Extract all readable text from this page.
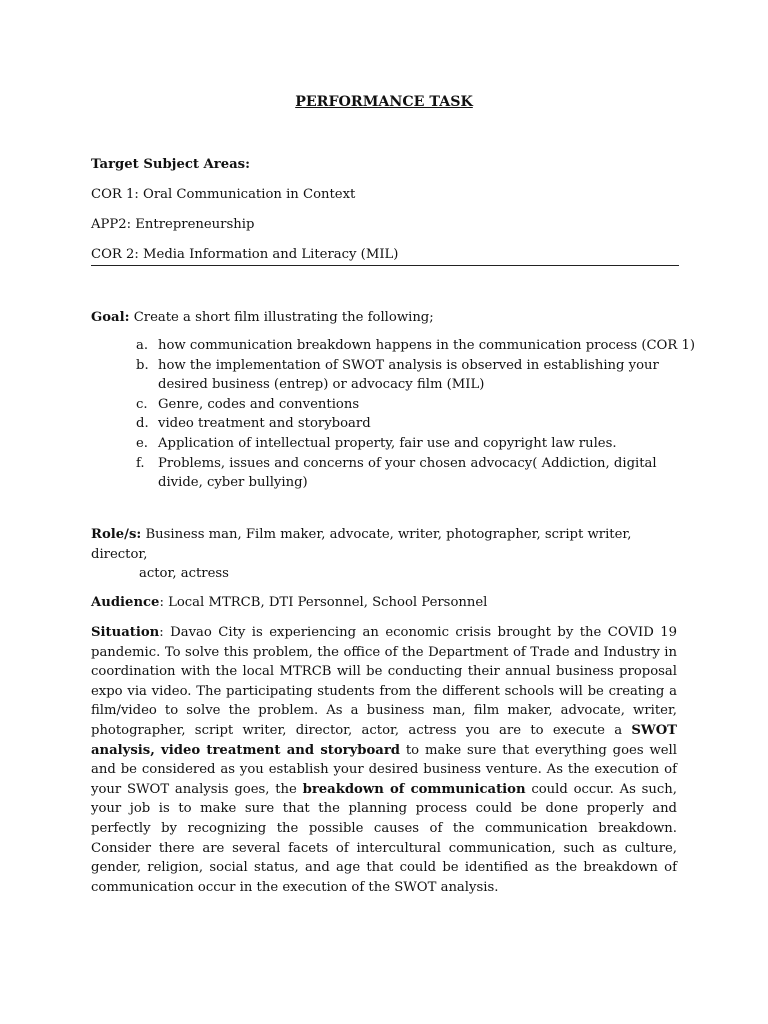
PERFORMANCE TASK
Target Subject Areas:
COR 1: Oral Communication in Context
APP2: Entrepreneurship
COR 2: Media Information and Literacy (MIL)
Goal: Create a short film illustrating the following;
a. how communication breakdown happens in the communication process (COR 1)
b. how the implementation of SWOT analysis is observed in establishing your
desired business (entrep) or advocacy film (MIL)
c. Genre, codes and conventions
d. video treatment and storyboard
e. Application of intellectual property, fair use and copyright law rules.
f. Problems, issues and concerns of your chosen advocacy( Addiction, digital
divide, cyber bullying)
Role/s: Business man, Film maker, advocate, writer, photographer, script writer, director,
actor, actress
Audience: Local MTRCB, DTI Personnel, School Personnel
Situation: Davao City is experiencing an economic crisis brought by the COVID 19 pandemic. To solve this problem, the office of the Department of Trade and Industry in coordination with the local MTRCB will be conducting their annual business proposal expo via video. The participating students from the different schools will be creating a film/video to solve the problem. As a business man, film maker, advocate, writer, photographer, script writer, director, actor, actress you are to execute a SWOT analysis, video treatment and storyboard to make sure that everything goes well and be considered as you establish your desired business venture. As the execution of your SWOT analysis goes, the breakdown of communication could occur. As such, your job is to make sure that the planning process could be done properly and perfectly by recognizing the possible causes of the communication breakdown. Consider there are several facets of intercultural communication, such as culture, gender, religion, social status, and age that could be identified as the breakdown of communication occur in the execution of the SWOT analysis.
